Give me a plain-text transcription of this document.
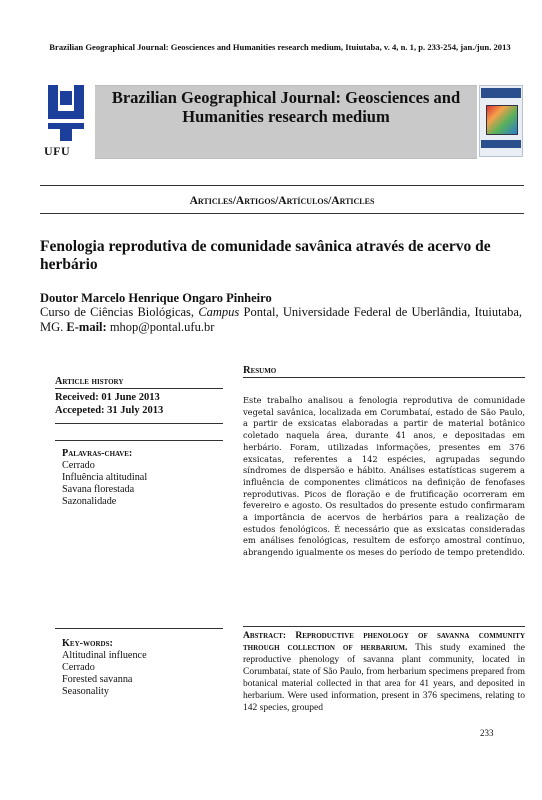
Brazilian Geographical Journal: Geosciences and Humanities research medium, Ituiutaba, v. 4, n. 1, p. 233-254, jan./jun. 2013
UFU
Brazilian Geographical Journal: Geosciences and Humanities research medium
Articles/Artigos/Artículos/Articles
Fenologia reprodutiva de comunidade savânica através de acervo de herbário
Doutor Marcelo Henrique Ongaro Pinheiro
Curso de Ciências Biológicas, Campus Pontal, Universidade Federal de Uberlândia, Ituiutaba, MG. E-mail: mhop@pontal.ufu.br
Article history
Received: 01 June 2013
Accepeted: 31 July 2013
Palavras-chave:
Cerrado
Influência altitudinal
Savana florestada
Sazonalidade
Key-words:
Altitudinal influence
Cerrado
Forested savanna
Seasonality
Resumo
Este trabalho analisou a fenologia reprodutiva de comunidade vegetal savânica, localizada em Corumbataí, estado de São Paulo, a partir de exsicatas elaboradas a partir de material botânico coletado naquela área, durante 41 anos, e depositadas em herbário. Foram, utilizadas informações, presentes em 376 exsicatas, referentes a 142 espécies, agrupadas segundo síndromes de dispersão e hábito. Análises estatísticas sugerem a influência de componentes climáticos na definição de fenofases reprodutivas. Picos de floração e de frutificação ocorreram em fevereiro e agosto. Os resultados do presente estudo confirmaram a importância de acervos de herbários para a realização de estudos fenológicos. É necessário que as exsicatas consideradas em análises fenológicas, resultem de esforço amostral contínuo, abrangendo igualmente os meses do período de tempo pretendido.
Abstract: Reproductive phenology of savanna community through collection of herbarium. This study examined the reproductive phenology of savanna plant community, located in Corumbataí, state of São Paulo, from herbarium specimens prepared from botanical material collected in that area for 41 years, and deposited in herbarium. Were used information, present in 376 specimens, relating to 142 species, grouped
233
